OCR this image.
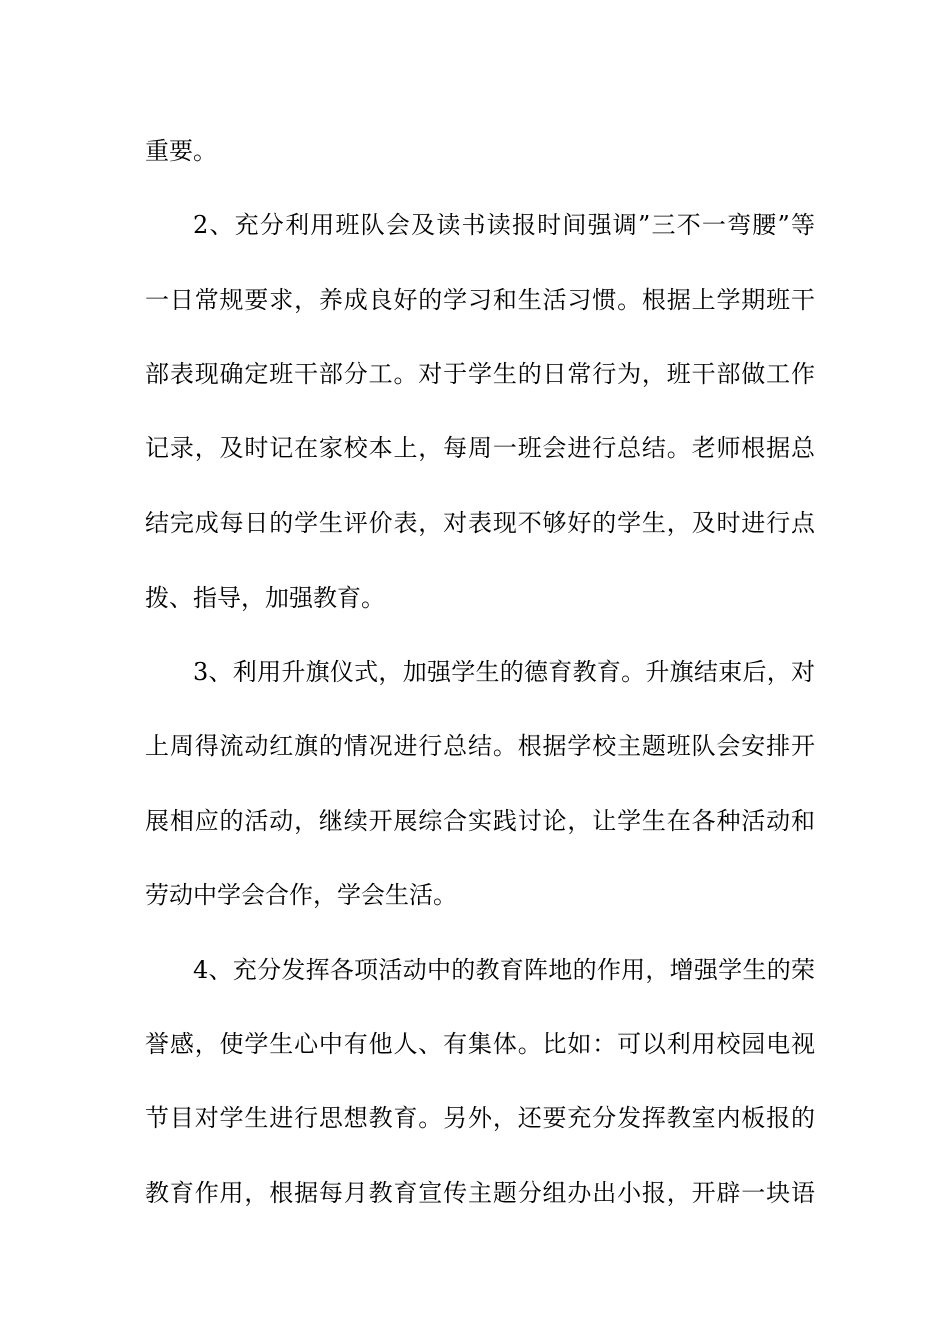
重要。
2、充分利用班队会及读书读报时间强调”三不一弯腰”等
一日常规要求，养成良好的学习和生活习惯。根据上学期班干
部表现确定班干部分工。对于学生的日常行为，班干部做工作
记录，及时记在家校本上，每周一班会进行总结。老师根据总
结完成每日的学生评价表，对表现不够好的学生，及时进行点
拨、指导，加强教育。
3、利用升旗仪式，加强学生的德育教育。升旗结束后，对
上周得流动红旗的情况进行总结。根据学校主题班队会安排开
展相应的活动，继续开展综合实践讨论，让学生在各种活动和
劳动中学会合作，学会生活。
4、充分发挥各项活动中的教育阵地的作用，增强学生的荣
誉感，使学生心中有他人、有集体。比如：可以利用校园电视
节目对学生进行思想教育。另外，还要充分发挥教室内板报的
教育作用，根据每月教育宣传主题分组办出小报，开辟一块语
